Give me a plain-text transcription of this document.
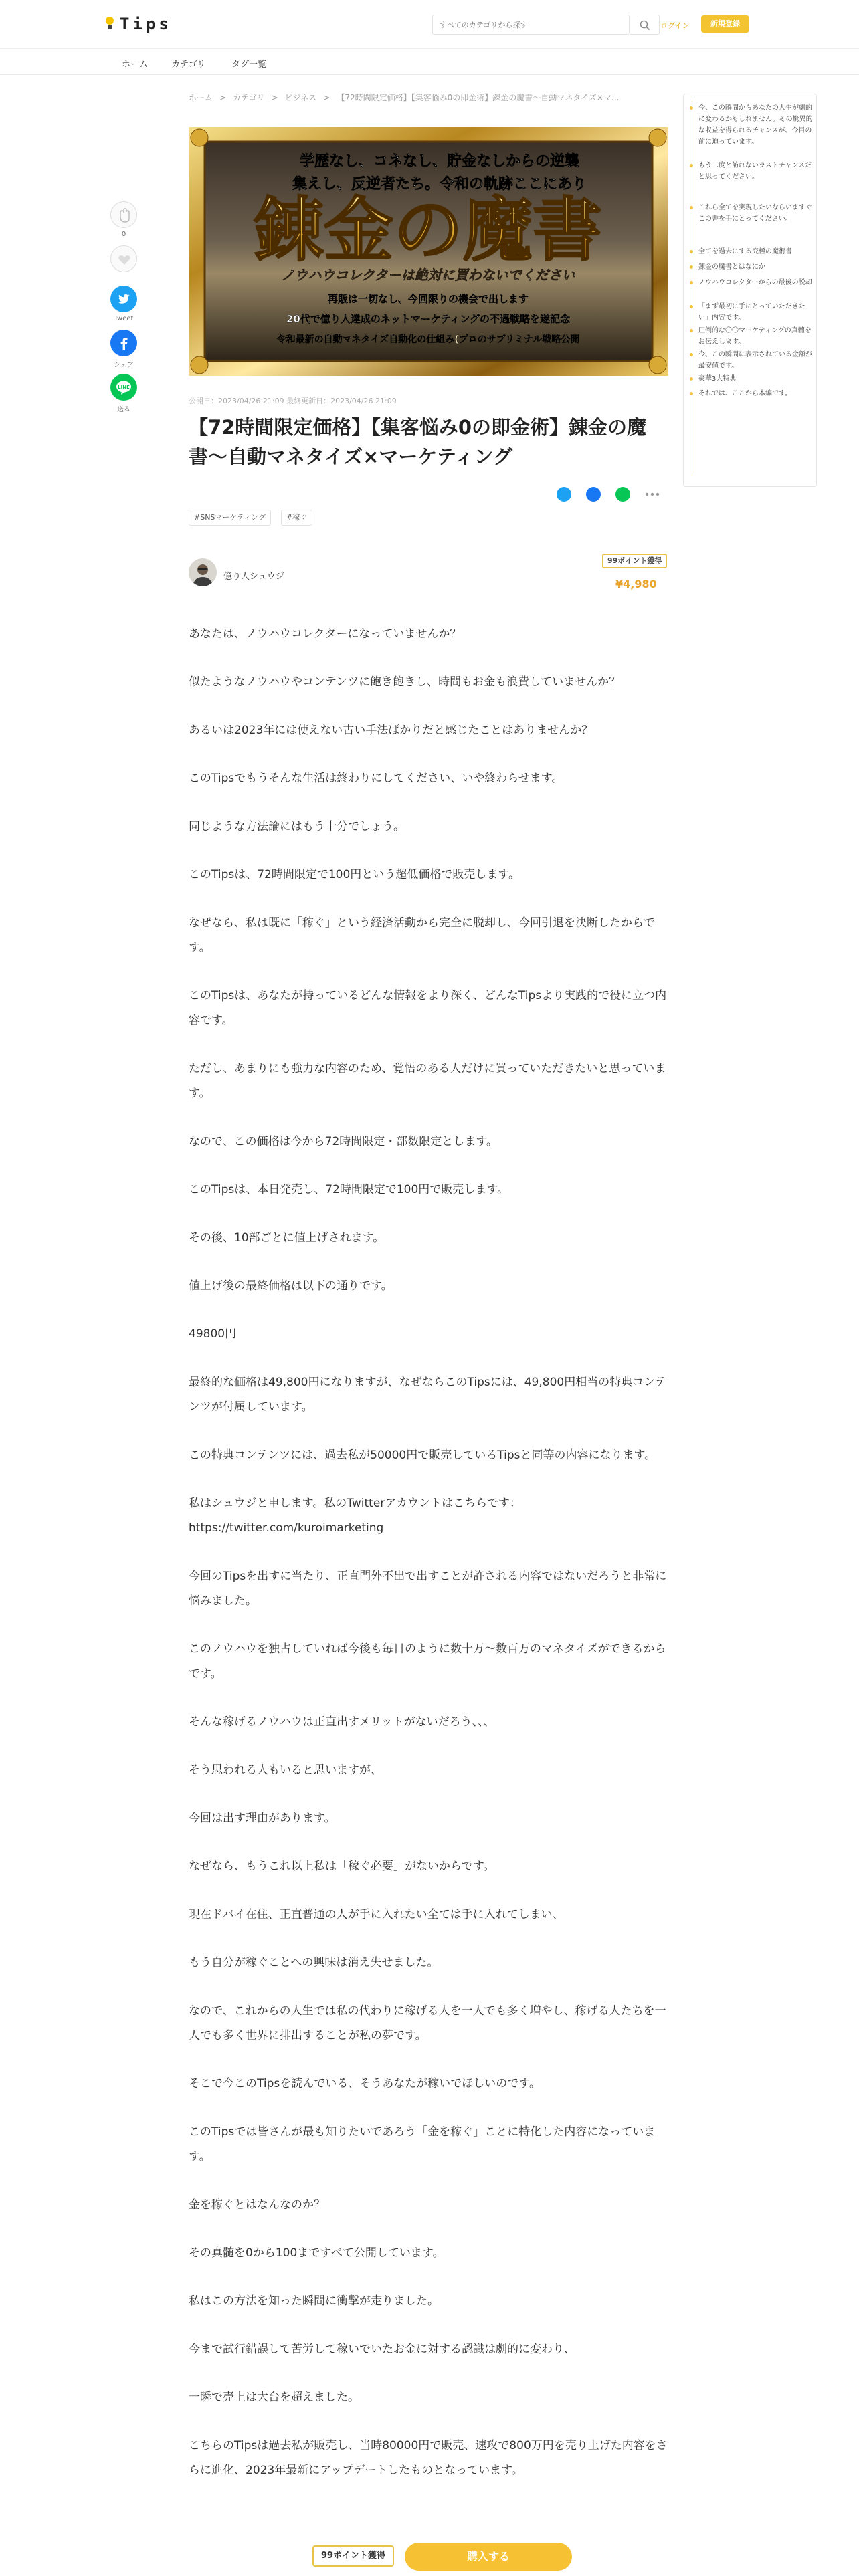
Tips
すべてのカテゴリから探す	ログイン	新規登録
ホーム	カテゴリ	タグ一覧
ホーム > カテゴリ > ビジネス > 【72時間限定価格】【集客悩み0の即金術】錬金の魔書〜自動マネタイズ×マ...
学歴なし、コネなし、貯金なしからの逆襲
集えし、反逆者たち。令和の軌跡ここにあり
錬金の魔書
ノウハウコレクターは絶対に買わないでください
再販は一切なし、今回限りの機会で出します
20代で億り人達成のネットマーケティングの不遇戦略を遂記念
令和最新の自動マネタイズ自動化の仕組み(プロのサブリミナル戦略公開
0
Tweet
シェア
LINE
送る
公開日：2023/04/26 21:09 最終更新日：2023/04/26 21:09
【72時間限定価格】【集客悩み0の即金術】錬金の魔書〜自動マネタイズ×マーケティング
#SNSマーケティング	#稼ぐ
億り人シュウジ
99ポイント獲得
¥4,980

あなたは、ノウハウコレクターになっていませんか？

似たようなノウハウやコンテンツに飽き飽きし、時間もお金も浪費していませんか？

あるいは2023年には使えない古い手法ばかりだと感じたことはありませんか？

このTipsでもうそんな生活は終わりにしてください、いや終わらせます。

同じような方法論にはもう十分でしょう。

このTipsは、72時間限定で100円という超低価格で販売します。

なぜなら、私は既に「稼ぐ」という経済活動から完全に脱却し、今回引退を決断したからです。

このTipsは、あなたが持っているどんな情報をより深く、どんなTipsより実践的で役に立つ内容です。

ただし、あまりにも強力な内容のため、覚悟のある人だけに買っていただきたいと思っています。

なので、この価格は今から72時間限定・部数限定とします。

このTipsは、本日発売し、72時間限定で100円で販売します。

その後、10部ごとに値上げされます。

値上げ後の最終価格は以下の通りです。

49800円

最終的な価格は49,800円になりますが、なぜならこのTipsには、49,800円相当の特典コンテンツが付属しています。

この特典コンテンツには、過去私が50000円で販売しているTipsと同等の内容になります。

私はシュウジと申します。私のTwitterアカウントはこちらです：https://twitter.com/kuroimarketing

今回のTipsを出すに当たり、正直門外不出で出すことが許される内容ではないだろうと非常に悩みました。

このノウハウを独占していれば今後も毎日のように数十万〜数百万のマネタイズができるからです。

そんな稼げるノウハウは正直出すメリットがないだろう、、、

そう思われる人もいると思いますが、

今回は出す理由があります。

なぜなら、もうこれ以上私は「稼ぐ必要」がないからです。

現在ドバイ在住、正直普通の人が手に入れたい全ては手に入れてしまい、

もう自分が稼ぐことへの興味は消え失せました。

なので、これからの人生では私の代わりに稼げる人を一人でも多く増やし、稼げる人たちを一人でも多く世界に排出することが私の夢です。

そこで今このTipsを読んでいる、そうあなたが稼いでほしいのです。

このTipsでは皆さんが最も知りたいであろう「金を稼ぐ」ことに特化した内容になっています。

金を稼ぐとはなんなのか？

その真髄を0から100まですべて公開しています。

私はこの方法を知った瞬間に衝撃が走りました。

今まで試行錯誤して苦労して稼いでいたお金に対する認識は劇的に変わり、

一瞬で売上は大台を超えました。

こちらのTipsは過去私が販売し、当時80000円で販売、速攻で800万円を売り上げた内容をさらに進化、2023年最新にアップデートしたものとなっています。

今、この瞬間からあなたの人生が劇的に変わるかもしれません。その驚異的な収益を得られるチャンスが、今目の前に迫っています。
もう二度と訪れないラストチャンスだと思ってください。
これら全てを実現したいならいますぐこの書を手にとってください。
全てを過去にする究極の魔術書
錬金の魔書とはなにか
ノウハウコレクターからの最後の脱却
「まず最初に手にとっていただきたい」内容です。
圧倒的な〇〇マーケティングの真髄をお伝えします。
今、この瞬間に表示されている金額が最安値です。
豪華3大特典
それでは、ここから本編です。
99ポイント獲得	購入する
